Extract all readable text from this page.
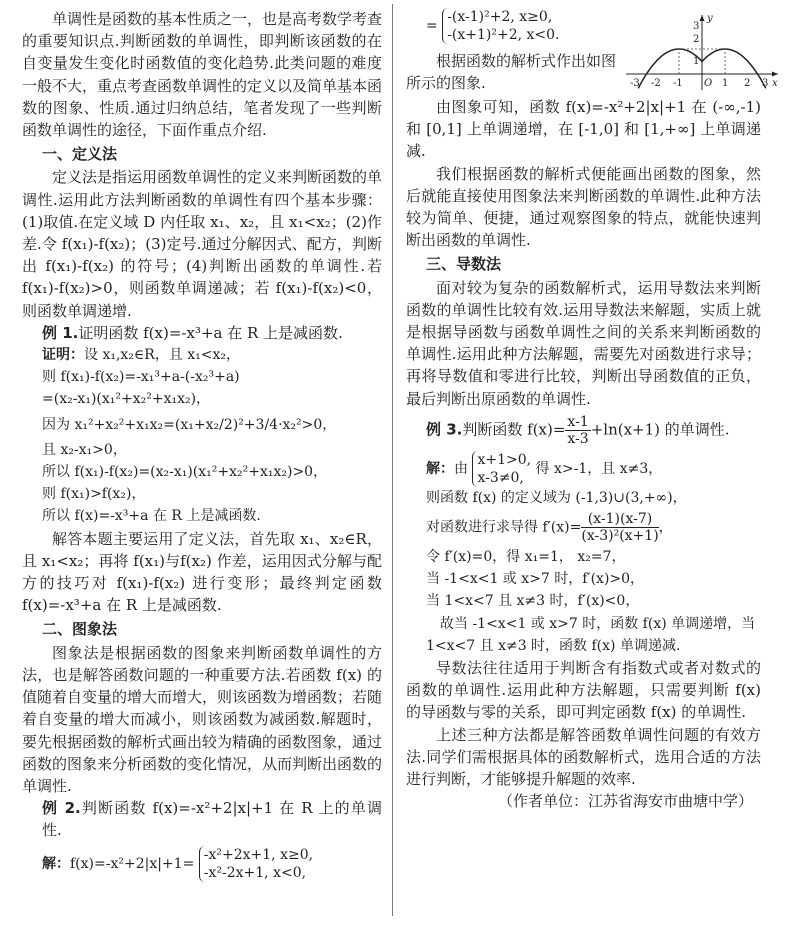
单调性是函数的基本性质之一，也是高考数学考查的重要知识点.判断函数的单调性，即判断该函数的在自变量发生变化时函数值的变化趋势.此类问题的难度一般不大，重点考查函数单调性的定义以及简单基本函数的图象、性质.通过归纳总结，笔者发现了一些判断函数单调性的途径，下面作重点介绍.

一、定义法

定义法是指运用函数单调性的定义来判断函数的单调性.运用此方法判断函数的单调性有四个基本步骤：(1)取值.在定义域 D 内任取 x₁、x₂，且 x₁<x₂；(2)作差.令 f(x₁)-f(x₂)；(3)定号.通过分解因式、配方，判断出 f(x₁)-f(x₂) 的符号；(4)判断出函数的单调性.若 f(x₁)-f(x₂)>0，则函数单调递减；若 f(x₁)-f(x₂)<0，则函数单调递增.

例 1.证明函数 f(x)=-x³+a 在 R 上是减函数.

证明：设 x₁,x₂∈R，且 x₁<x₂，
则 f(x₁)-f(x₂)=-x₁³+a-(-x₂³+a)
=(x₂-x₁)(x₁²+x₂²+x₁x₂)，
因为 x₁²+x₂²+x₁x₂=(x₁+x₂/2)²+3/4·x₂²>0，
且 x₂-x₁>0，
所以 f(x₁)-f(x₂)=(x₂-x₁)(x₁²+x₂²+x₁x₂)>0，
则 f(x₁)>f(x₂)，
所以 f(x)=-x³+a 在 R 上是减函数.

解答本题主要运用了定义法，首先取 x₁、x₂∈R，且 x₁<x₂；再将 f(x₁)与f(x₂) 作差，运用因式分解与配方的技巧对 f(x₁)-f(x₂) 进行变形；最终判定函数 f(x)=-x³+a 在 R 上是减函数.

二、图象法

图象法是根据函数的图象来判断函数单调性的方法，也是解答函数问题的一种重要方法.若函数 f(x) 的值随着自变量的增大而增大，则该函数为增函数；若随着自变量的增大而减小，则该函数为减函数.解题时，要先根据函数的解析式画出较为精确的函数图象，通过函数的图象来分析函数的变化情况，从而判断出函数的单调性.

例 2.判断函数 f(x)=-x²+2|x|+1 在 R 上的单调性.

解：f(x)=-x²+2|x|+1=
-x²+2x+1, x≥0,
-x²-2x+1, x<0,
=
-(x-1)²+2, x≥0,
-(x+1)²+2, x<0.

根据函数的解析式作出如图所示的图象.	-3 -2 -1 O 1 2 3
3
2
1
x
y

由图象可知，函数 f(x)=-x²+2|x|+1 在 (-∞,-1) 和 [0,1] 上单调递增，在 [-1,0] 和 [1,+∞] 上单调递减.

我们根据函数的解析式便能画出函数的图象，然后就能直接使用图象法来判断函数的单调性.此种方法较为简单、便捷，通过观察图象的特点，就能快速判断出函数的单调性.

三、导数法

面对较为复杂的函数解析式，运用导数法来判断函数的单调性比较有效.运用导数法来解题，实质上就是根据导函数与函数单调性之间的关系来判断函数的单调性.运用此种方法解题，需要先对函数进行求导；再将导数值和零进行比较，判断出导函数值的正负，最后判断出原函数的单调性.

例 3.判断函数 $f(x)= \frac{x-1}{x-3} +\ln(x+1)$ 的单调性.

解：由
x+1>0,
x-3≠0,
得 x>-1，且 x≠3，
则函数 f(x) 的定义域为 (-1,3)∪(3,+∞)，
对函数进行求导得 $f'(x)= \frac{(x-1)(x-7)}{\text{(x-3)²(x+1)}}$ ，
令 f′(x)=0，得 x₁=1， x₂=7，
当 -1<x<1 或 x>7 时，f′(x)>0，
当 1<x<7 且 x≠3 时，f′(x)<0，
故当 -1<x<1 或 x>7 时，函数 f(x) 单调递增，当 1<x<7 且 x≠3 时，函数 f(x) 单调递减.

导数法往往适用于判断含有指数式或者对数式的函数的单调性.运用此种方法解题，只需要判断 f(x) 的导函数与零的关系，即可判定函数 f(x) 的单调性.

上述三种方法都是解答函数单调性问题的有效方法.同学们需根据具体的函数解析式，选用合适的方法进行判断，才能够提升解题的效率.

（作者单位：江苏省海安市曲塘中学）
